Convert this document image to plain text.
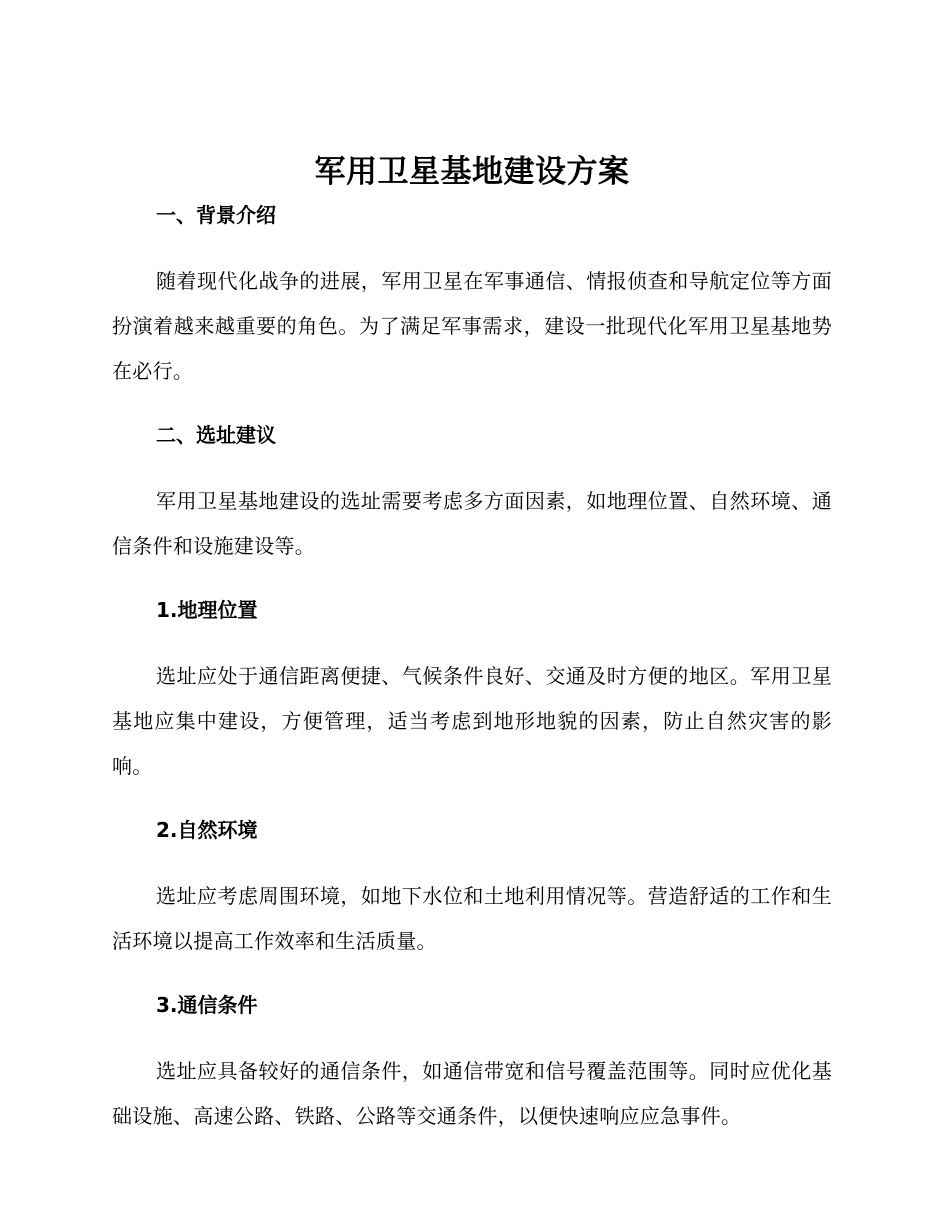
军用卫星基地建设方案
一、背景介绍

随着现代化战争的进展，军用卫星在军事通信、情报侦查和导航定位等方面扮演着越来越重要的角色。为了满足军事需求，建设一批现代化军用卫星基地势在必行。

二、选址建议

军用卫星基地建设的选址需要考虑多方面因素，如地理位置、自然环境、通信条件和设施建设等。

1.地理位置

选址应处于通信距离便捷、气候条件良好、交通及时方便的地区。军用卫星基地应集中建设，方便管理，适当考虑到地形地貌的因素，防止自然灾害的影响。

2.自然环境

选址应考虑周围环境，如地下水位和土地利用情况等。营造舒适的工作和生活环境以提高工作效率和生活质量。

3.通信条件

选址应具备较好的通信条件，如通信带宽和信号覆盖范围等。同时应优化基础设施、高速公路、铁路、公路等交通条件，以便快速响应应急事件。
